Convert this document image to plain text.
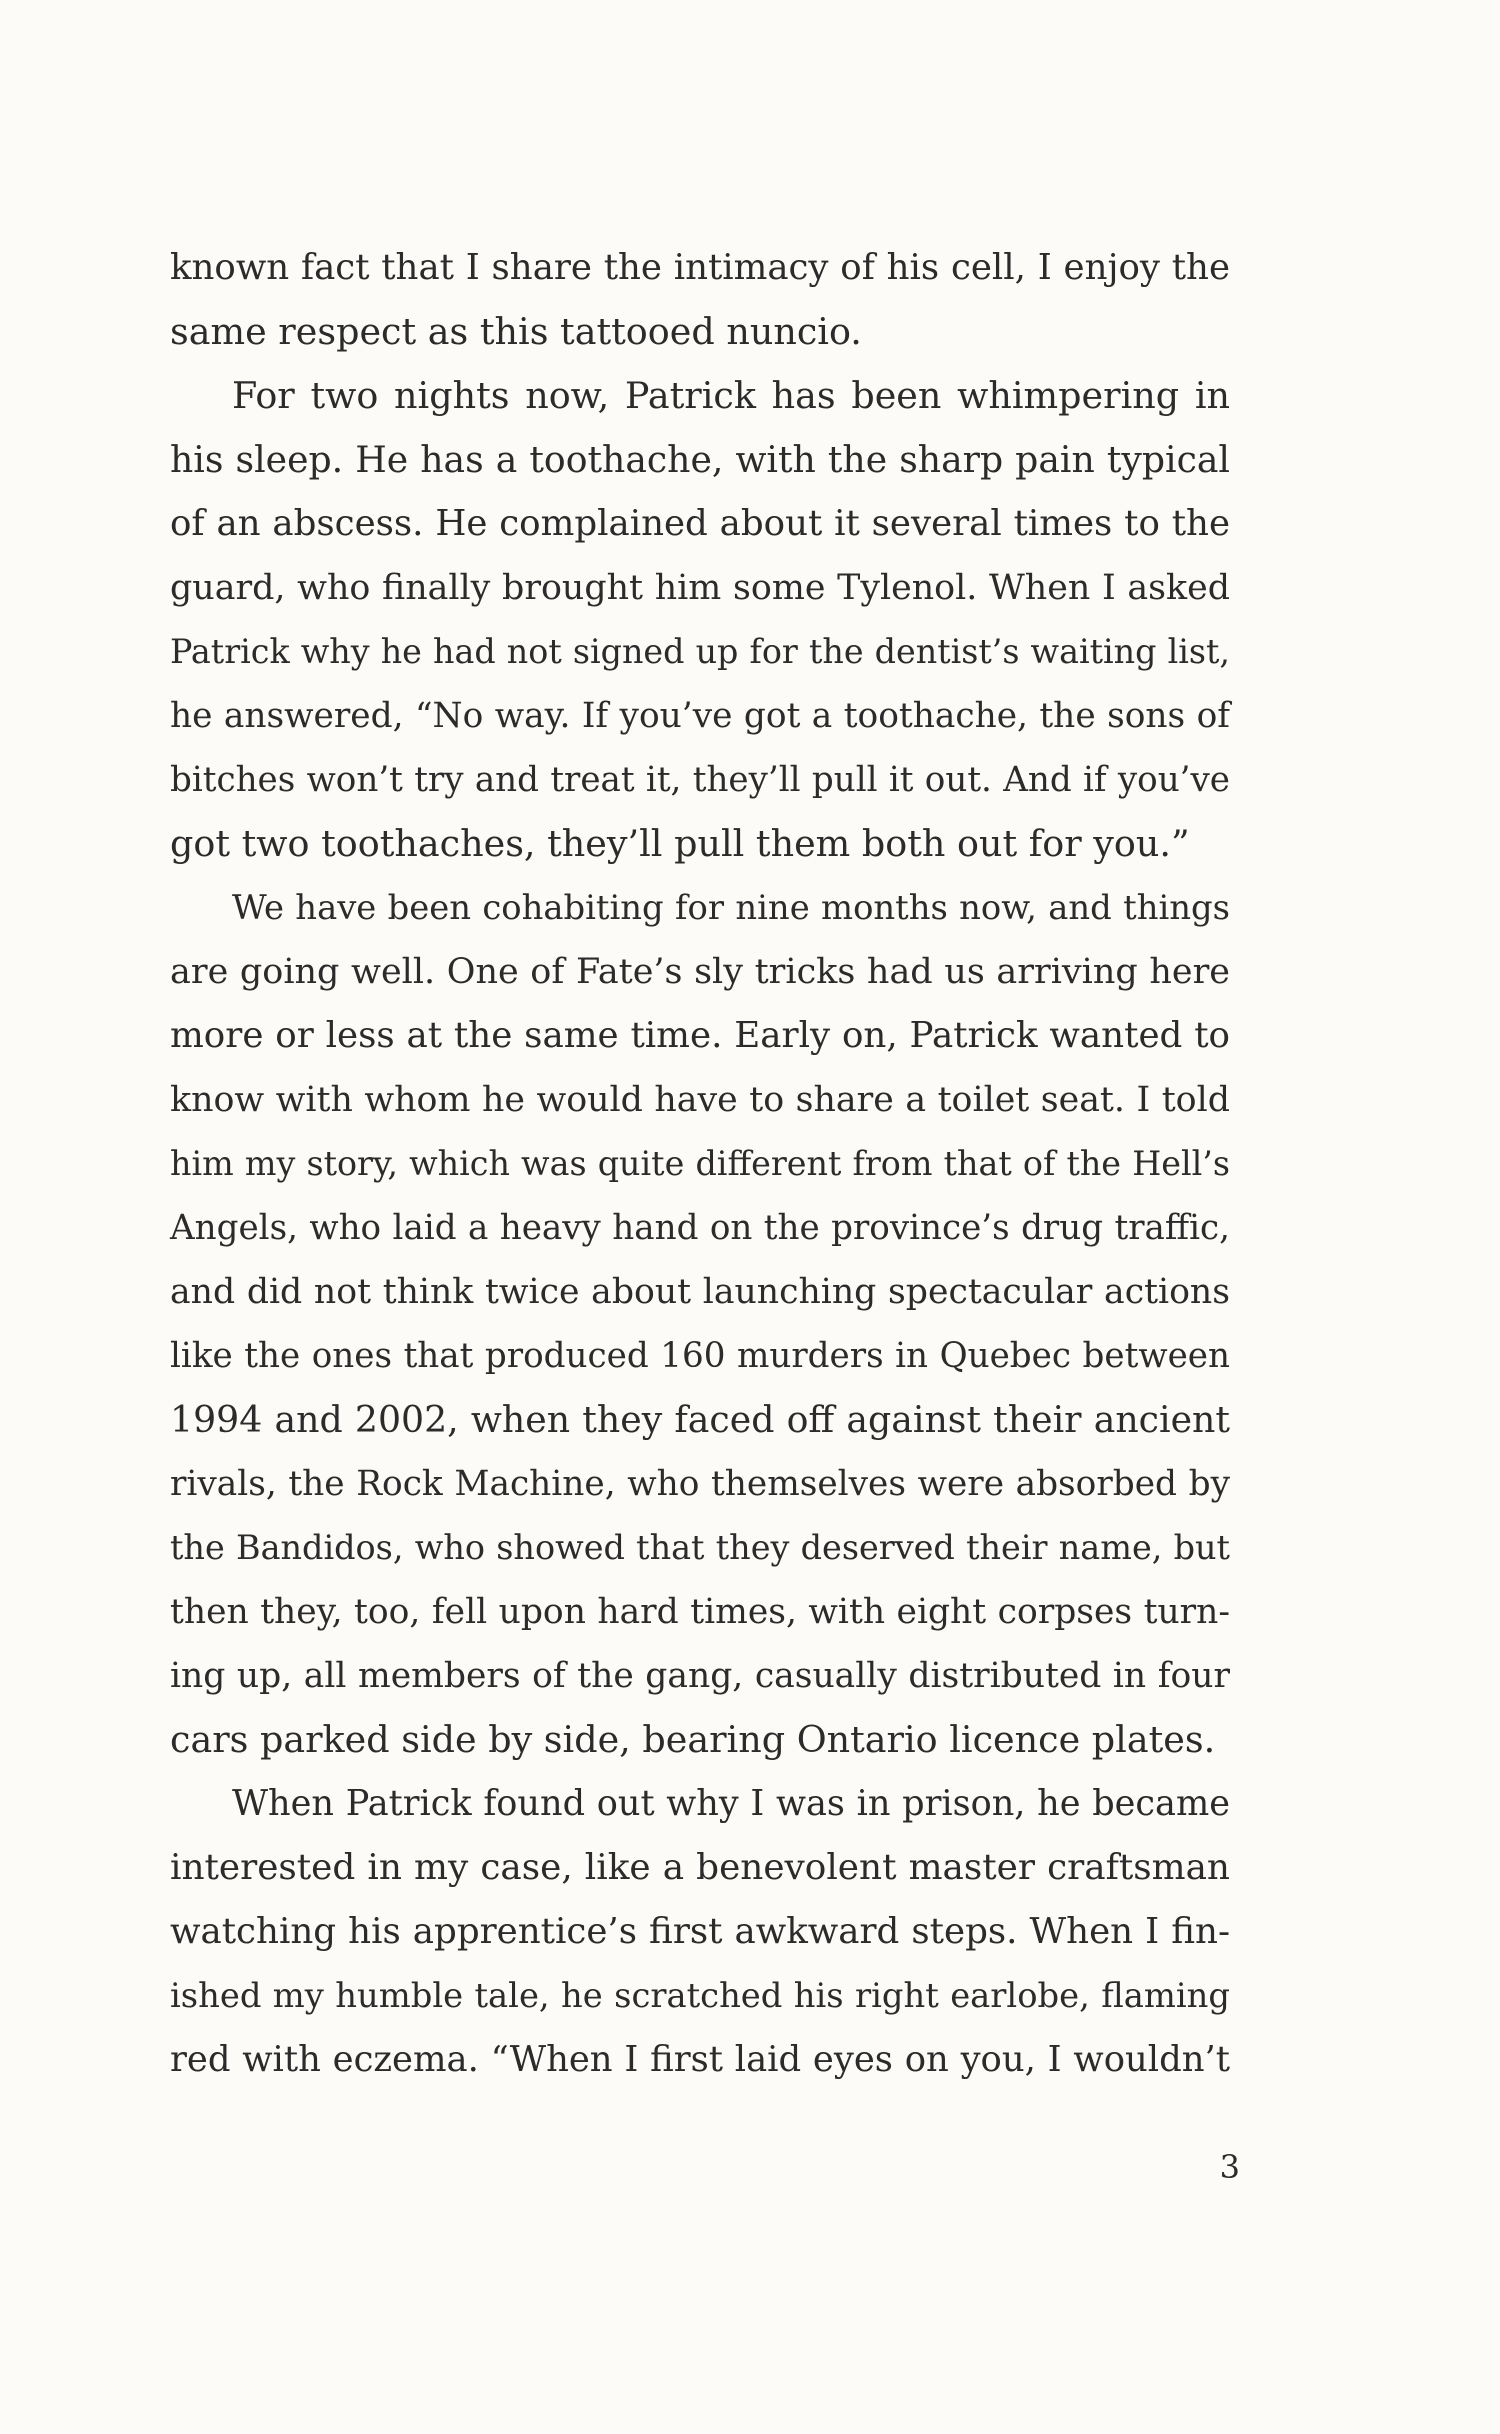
known fact that I share the intimacy of his cell, I enjoy the
same respect as this tattooed nuncio.
For two nights now, Patrick has been whimpering in
his sleep. He has a toothache, with the sharp pain typical
of an abscess. He complained about it several times to the
guard, who finally brought him some Tylenol. When I asked
Patrick why he had not signed up for the dentist’s waiting list,
he answered, “No way. If you’ve got a toothache, the sons of
bitches won’t try and treat it, they’ll pull it out. And if you’ve
got two toothaches, they’ll pull them both out for you.”
We have been cohabiting for nine months now, and things
are going well. One of Fate’s sly tricks had us arriving here
more or less at the same time. Early on, Patrick wanted to
know with whom he would have to share a toilet seat. I told
him my story, which was quite different from that of the Hell’s
Angels, who laid a heavy hand on the province’s drug traffic,
and did not think twice about launching spectacular actions
like the ones that produced 160 murders in Quebec between
1994 and 2002, when they faced off against their ancient
rivals, the Rock Machine, who themselves were absorbed by
the Bandidos, who showed that they deserved their name, but
then they, too, fell upon hard times, with eight corpses turn-
ing up, all members of the gang, casually distributed in four
cars parked side by side, bearing Ontario licence plates.
When Patrick found out why I was in prison, he became
interested in my case, like a benevolent master craftsman
watching his apprentice’s first awkward steps. When I fin-
ished my humble tale, he scratched his right earlobe, flaming
red with eczema. “When I first laid eyes on you, I wouldn’t
3
